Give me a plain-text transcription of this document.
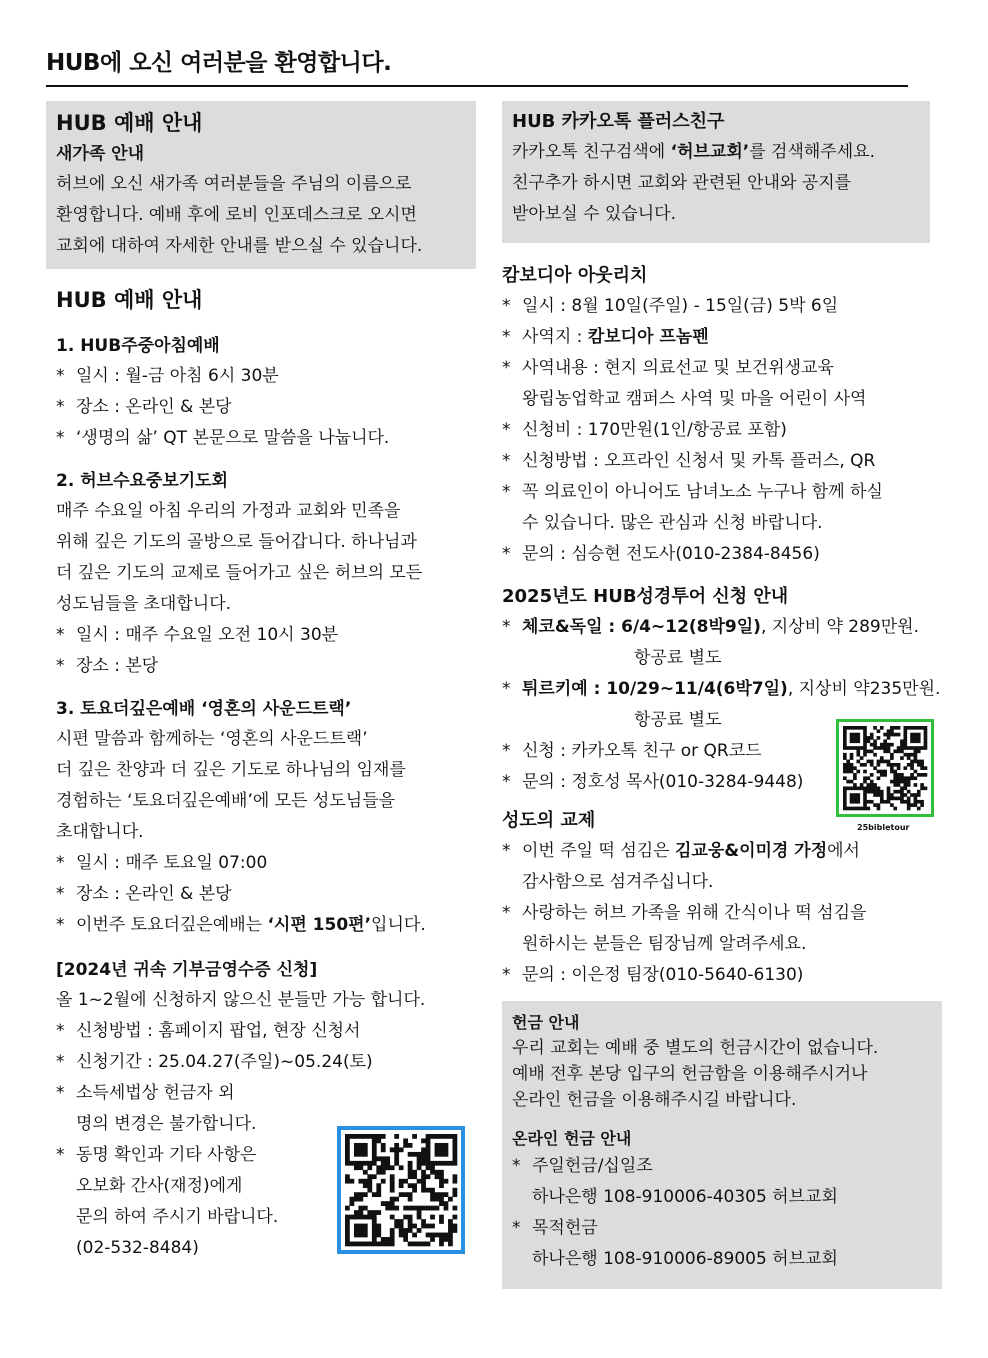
HUB에 오신 여러분을 환영합니다.
HUB 예배 안내
새가족 안내
허브에 오신 새가족 여러분들을 주님의 이름으로
환영합니다. 예배 후에 로비 인포데스크로 오시면
교회에 대하여 자세한 안내를 받으실 수 있습니다.
HUB 예배 안내
1. HUB주중아침예배
* 일시 : 월-금 아침 6시 30분
* 장소 : 온라인 & 본당
* ‘생명의 삶’ QT 본문으로 말씀을 나눕니다.
2. 허브수요중보기도회
매주 수요일 아침 우리의 가정과 교회와 민족을
위해 깊은 기도의 골방으로 들어갑니다. 하나님과
더 깊은 기도의 교제로 들어가고 싶은 허브의 모든
성도님들을 초대합니다.
* 일시 : 매주 수요일 오전 10시 30분
* 장소 : 본당
3. 토요더깊은예배 ‘영혼의 사운드트랙’
시편 말씀과 함께하는 ‘영혼의 사운드트랙’
더 깊은 찬양과 더 깊은 기도로 하나님의 임재를
경험하는 ‘토요더깊은예배’에 모든 성도님들을
초대합니다.
* 일시 : 매주 토요일 07:00
* 장소 : 온라인 & 본당
* 이번주 토요더깊은예배는 ‘시편 150편’입니다.
[2024년 귀속 기부금영수증 신청]
올 1~2월에 신청하지 않으신 분들만 가능 합니다.
* 신청방법 : 홈페이지 팝업, 현장 신청서
* 신청기간 : 25.04.27(주일)~05.24(토)
* 소득세법상 헌금자 외
명의 변경은 불가합니다.
* 동명 확인과 기타 사항은
오보화 간사(재정)에게
문의 하여 주시기 바랍니다.
(02-532-8484)
HUB 카카오톡 플러스친구
카카오톡 친구검색에 ‘허브교회’를 검색해주세요.
친구추가 하시면 교회와 관련된 안내와 공지를
받아보실 수 있습니다.
캄보디아 아웃리치
* 일시 : 8월 10일(주일) - 15일(금) 5박 6일
* 사역지 : 캄보디아 프놈펜
* 사역내용 : 현지 의료선교 및 보건위생교육
왕립농업학교 캠퍼스 사역 및 마을 어린이 사역
* 신청비 : 170만원(1인/항공료 포함)
* 신청방법 : 오프라인 신청서 및 카톡 플러스, QR
* 꼭 의료인이 아니어도 남녀노소 누구나 함께 하실
수 있습니다. 많은 관심과 신청 바랍니다.
* 문의 : 심승현 전도사(010-2384-8456)
2025년도 HUB성경투어 신청 안내
* 체코&독일 : 6/4~12(8박9일), 지상비 약 289만원.
항공료 별도
* 튀르키예 : 10/29~11/4(6박7일), 지상비 약235만원.
항공료 별도
* 신청 : 카카오톡 친구 or QR코드
* 문의 : 정호성 목사(010-3284-9448)
성도의 교제
* 이번 주일 떡 섬김은 김교웅&이미경 가정에서
감사함으로 섬겨주십니다.
* 사랑하는 허브 가족을 위해 간식이나 떡 섬김을
원하시는 분들은 팀장님께 알려주세요.
* 문의 : 이은정 팀장(010-5640-6130)
헌금 안내
우리 교회는 예배 중 별도의 헌금시간이 없습니다.
예배 전후 본당 입구의 헌금함을 이용해주시거나
온라인 헌금을 이용해주시길 바랍니다.
온라인 헌금 안내
* 주일헌금/십일조
하나은행 108-910006-40305 허브교회
* 목적헌금
하나은행 108-910006-89005 허브교회
25bibletour
